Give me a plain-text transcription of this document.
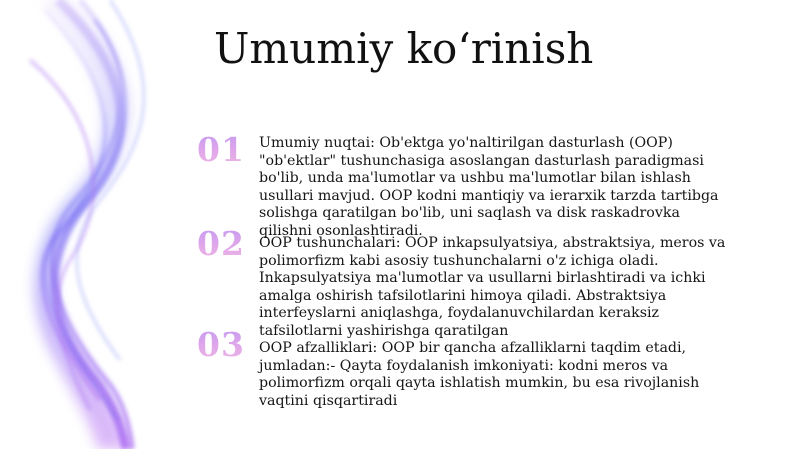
Umumiy ko‘rinish
01 Umumiy nuqtai: Ob'ektga yo'naltirilgan dasturlash (OOP) "ob'ektlar" tushunchasiga asoslangan dasturlash paradigmasi bo'lib, unda ma'lumotlar va ushbu ma'lumotlar bilan ishlash usullari mavjud. OOP kodni mantiqiy va ierarxik tarzda tartibga solishga qaratilgan bo'lib, uni saqlash va disk raskadrovka qilishni osonlashtiradi.

02 OOP tushunchalari: OOP inkapsulyatsiya, abstraktsiya, meros va polimorfizm kabi asosiy tushunchalarni o'z ichiga oladi. Inkapsulyatsiya ma'lumotlar va usullarni birlashtiradi va ichki amalga oshirish tafsilotlarini himoya qiladi. Abstraktsiya interfeyslarni aniqlashga, foydalanuvchilardan keraksiz tafsilotlarni yashirishga qaratilgan

03 OOP afzalliklari: OOP bir qancha afzalliklarni taqdim etadi, jumladan:- Qayta foydalanish imkoniyati: kodni meros va polimorfizm orqali qayta ishlatish mumkin, bu esa rivojlanish vaqtini qisqartiradi
